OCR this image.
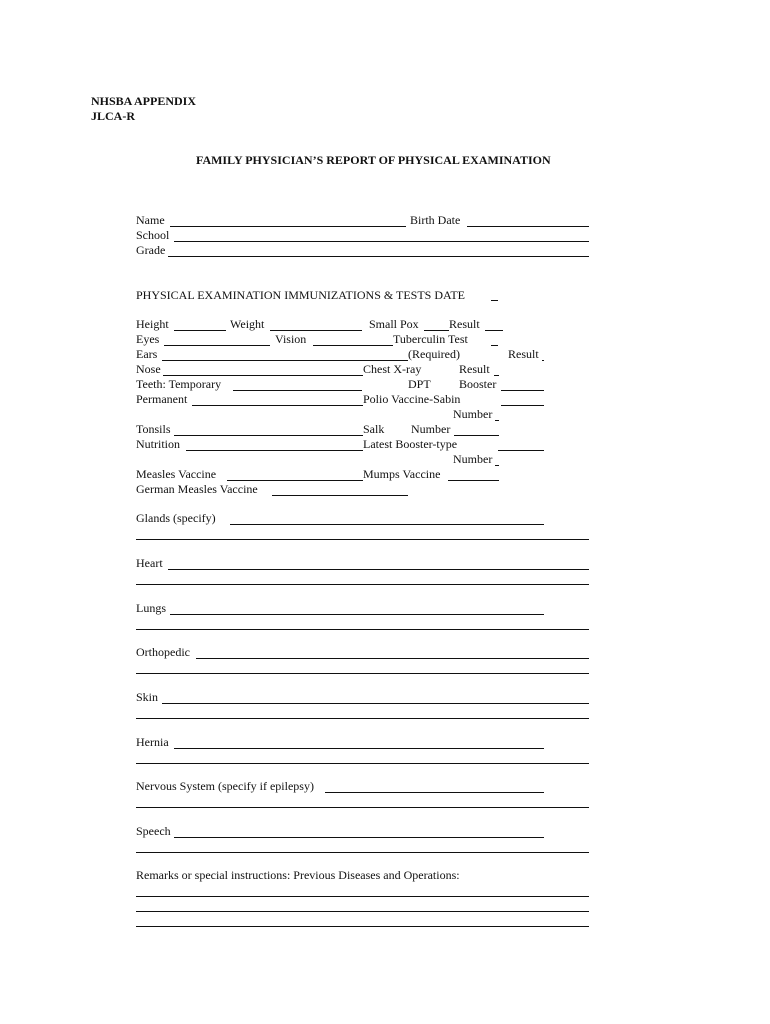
NHSBA APPENDIX
JLCA-R
FAMILY PHYSICIAN’S REPORT OF PHYSICAL EXAMINATION
Name	Birth Date
School
Grade
PHYSICAL EXAMINATION IMMUNIZATIONS & TESTS DATE
Height	Weight	Small Pox	Result
Eyes	Vision	Tuberculin Test
Ears	(Required)	Result
Nose	Chest X-ray	Result
Teeth: Temporary	DPT Booster
Permanent	Polio Vaccine-Sabin
Number
Tonsils	Salk Number
Nutrition	Latest Booster-type
Number
Measles Vaccine	Mumps Vaccine
German Measles Vaccine
Glands (specify)
Heart
Lungs
Orthopedic
Skin
Hernia
Nervous System (specify if epilepsy)
Speech
Remarks or special instructions: Previous Diseases and Operations:
